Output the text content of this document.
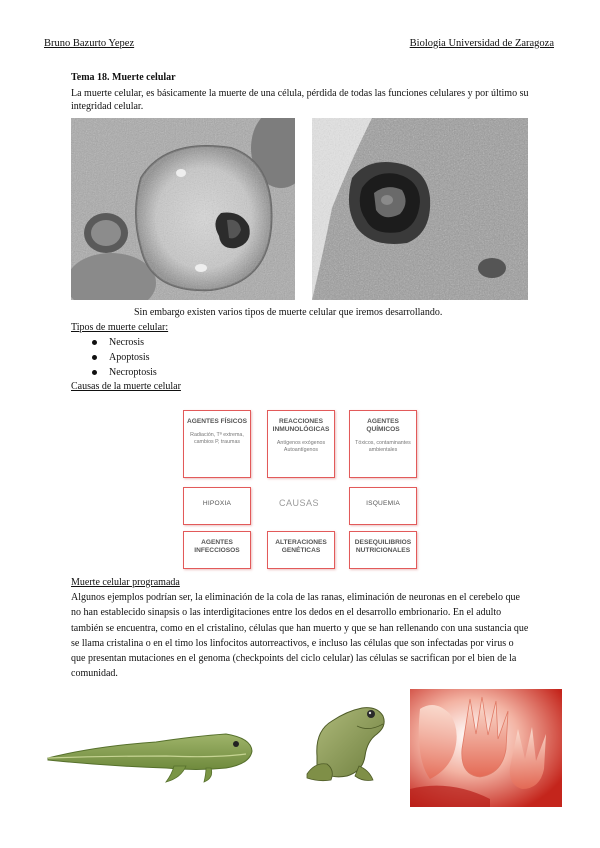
Bruno Bazurto Yepez	Biologia Universidad de Zaragoza
Tema 18. Muerte celular
La muerte celular, es básicamente la muerte de una célula, pérdida de todas las funciones celulares y por último su integridad celular.
Sin embargo existen varios tipos de muerte celular que iremos desarrollando.
Tipos de muerte celular:
Necrosis
Apoptosis
Necroptosis
Causas de la muerte celular
AGENTES FÍSICOS
Radiación, Tª extrema, cambios P, traumas
REACCIONES INMUNOLÓGICAS
Antígenos exógenos Autoantígenos
AGENTES QUÍMICOS
Tóxicos, contaminantes ambientales
HIPOXIA	CAUSAS	ISQUEMIA
AGENTES INFECCIOSOS
ALTERACIONES GENÉTICAS
DESEQUILIBRIOS NUTRICIONALES
Muerte celular programada
Algunos ejemplos podrían ser, la eliminación de la cola de las ranas, eliminación de neuronas en el cerebelo que no han establecido sinapsis o las interdigitaciones entre los dedos en el desarrollo embrionario. En el adulto también se encuentra, como en el cristalino, células que han muerto y que se han rellenando con una sustancia que se llama cristalina o en el timo los linfocitos autorreactivos, e incluso las células que son infectadas por virus o que presentan mutaciones en el genoma (checkpoints del ciclo celular) las células se sacrifican por el bien de la comunidad.
